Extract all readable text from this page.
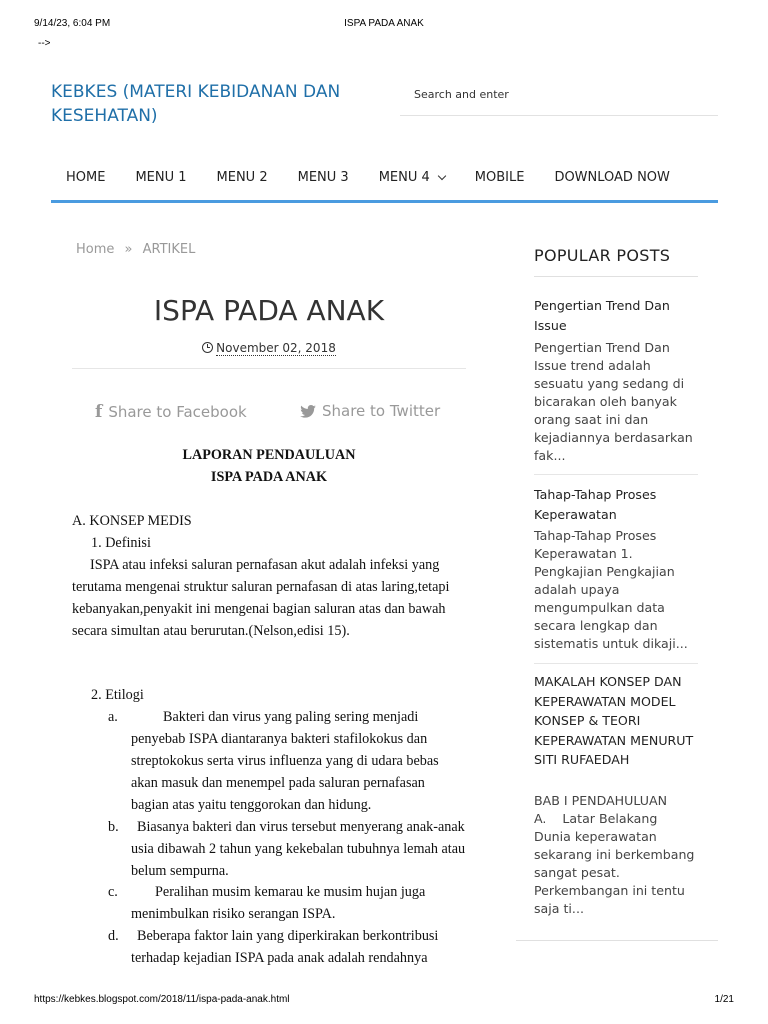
9/14/23, 6:04 PM	ISPA PADA ANAK
-->
KEBKES (MATERI KEBIDANAN DAN KESEHATAN)
Search and enter
HOME	MENU 1	MENU 2	MENU 3	MENU 4	MOBILE	DOWNLOAD NOW
Home » ARTIKEL
ISPA PADA ANAK
November 02, 2018
f Share to Facebook	Share to Twitter

LAPORAN PENDAULUAN

ISPA PADA ANAK

A. KONSEP MEDIS
1. Definisi
ISPA atau infeksi saluran pernafasan akut adalah infeksi yang terutama mengenai struktur saluran pernafasan di atas laring,tetapi kebanyakan,penyakit ini mengenai bagian saluran atas dan bawah secara simultan atau berurutan.(Nelson,edisi 15).
2. Etilogi
a.	Bakteri dan virus yang paling sering menjadi penyebab ISPA diantaranya bakteri stafilokokus dan streptokokus serta virus influenza yang di udara bebas akan masuk dan menempel pada saluran pernafasan bagian atas yaitu tenggorokan dan hidung.
b.	Biasanya bakteri dan virus tersebut menyerang anak-anak usia dibawah 2 tahun yang kekebalan tubuhnya lemah atau belum sempurna.
c.	Peralihan musim kemarau ke musim hujan juga menimbulkan risiko serangan ISPA.
d.	Beberapa faktor lain yang diperkirakan berkontribusi terhadap kejadian ISPA pada anak adalah rendahnya
POPULAR POSTS
Pengertian Trend Dan Issue
Pengertian Trend Dan Issue trend adalah sesuatu yang sedang di bicarakan oleh banyak orang saat ini dan kejadiannya berdasarkan fak...
Tahap-Tahap Proses Keperawatan
Tahap-Tahap Proses Keperawatan 1. Pengkajian Pengkajian adalah upaya mengumpulkan data secara lengkap dan sistematis untuk dikaji...
MAKALAH KONSEP DAN KEPERAWATAN MODEL KONSEP & TEORI KEPERAWATAN MENURUT SITI RUFAEDAH
BAB I PENDAHULUAN
A.    Latar Belakang Dunia keperawatan sekarang ini berkembang sangat pesat. Perkembangan ini tentu saja ti...
https://kebkes.blogspot.com/2018/11/ispa-pada-anak.html	1/21
